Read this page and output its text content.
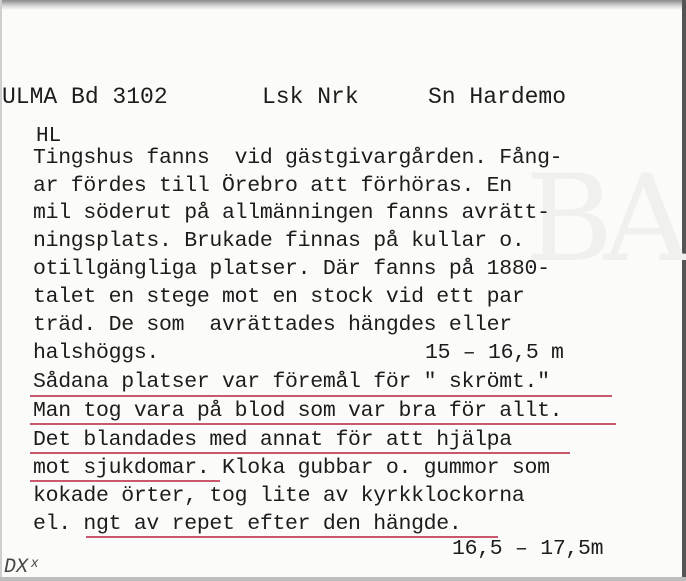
BA
ULMA Bd 3102	Lsk Nrk	Sn Hardemo
HL
Tingshus fanns  vid gästgivargården. Fång-
ar fördes till Örebro att förhöras. En
mil söderut på allmänningen fanns avrätt-
ningsplats. Brukade finnas på kullar o.
otillgängliga platser. Där fanns på 1880-
talet en stege mot en stock vid ett par
träd. De som  avrättades hängdes eller
halshöggs.	15 – 16,5 m
Sådana platser var föremål för " skrömt."
Man tog vara på blod som var bra för allt.
Det blandades med annat för att hjälpa
mot sjukdomar. Kloka gubbar o. gummor som
kokade örter, tog lite av kyrkklockorna
el. ngt av repet efter den hängde.
16,5 – 17,5m
DXˣ
